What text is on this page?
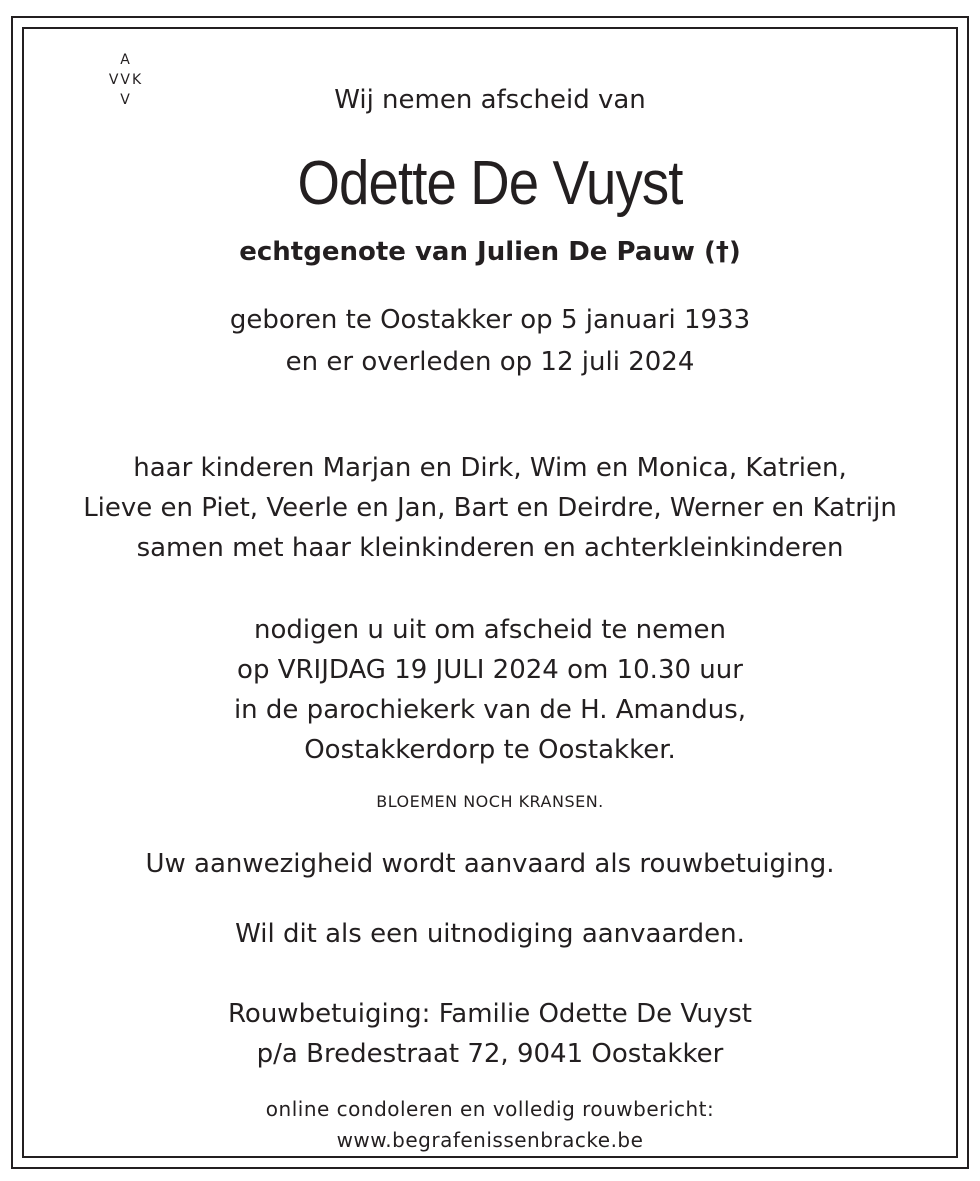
A
VVK
V	Wij nemen afscheid van
Odette De Vuyst
echtgenote van Julien De Pauw (†)
geboren te Oostakker op 5 januari 1933
en er overleden op 12 juli 2024
haar kinderen Marjan en Dirk, Wim en Monica, Katrien,
Lieve en Piet, Veerle en Jan, Bart en Deirdre, Werner en Katrijn
samen met haar kleinkinderen en achterkleinkinderen
nodigen u uit om afscheid te nemen
op VRIJDAG 19 JULI 2024 om 10.30 uur
in de parochiekerk van de H. Amandus,
Oostakkerdorp te Oostakker.
BLOEMEN NOCH KRANSEN.
Uw aanwezigheid wordt aanvaard als rouwbetuiging.
Wil dit als een uitnodiging aanvaarden.
Rouwbetuiging: Familie Odette De Vuyst
p/a Bredestraat 72, 9041 Oostakker
online condoleren en volledig rouwbericht:
www.begrafenissenbracke.be
